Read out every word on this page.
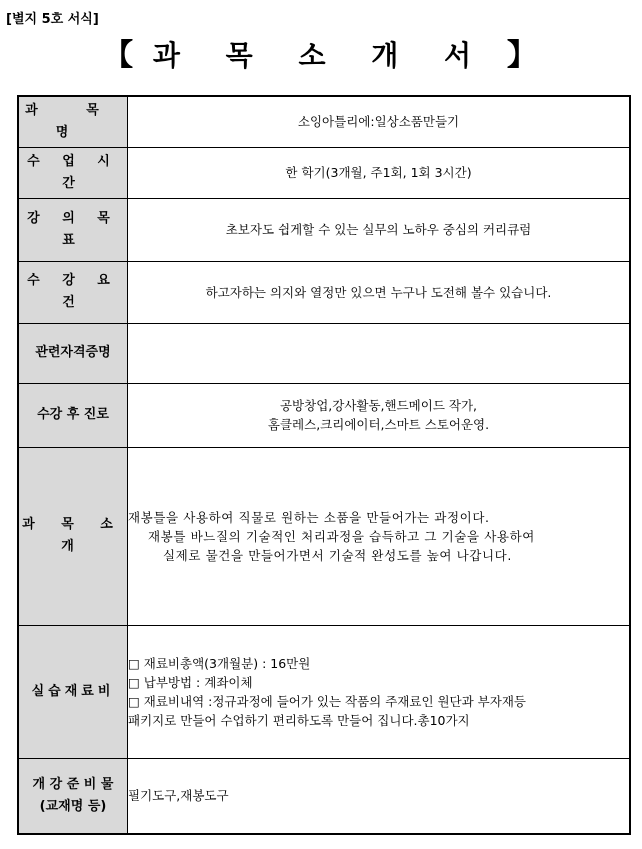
[별지 5호 서식]
【 과 목 소 개 서 】
과 목 명	소잉아틀리에:일상소품만들기
수 업 시 간	한 학기(3개월, 주1회, 1회 3시간)
강 의 목 표	초보자도 쉽게할 수 있는 실무의 노하우 중심의 커리큐럼
수 강 요 건	하고자하는 의지와 열정만 있으면 누구나 도전해 볼수 있습니다.
관련자격증명	
수강 후 진로	공방창업,강사활동,핸드메이드 작가,
홈클레스,크리에이터,스마트 스토어운영.

과 목 소 개	재봉틀을 사용하여 직물로 원하는 소품을 만들어가는 과정이다.
재봉틀 바느질의 기술적인 처리과정을 습득하고 그 기술을 사용하여
실제로 물건을 만들어가면서 기술적 완성도를 높여 나갑니다.

실습재료비	□ 재료비총액(3개월분) : 16만원
□ 납부방법 : 계좌이체
□ 재료비내역 :정규과정에 들어가 있는 작품의 주재료인 원단과 부자재등
패키지로 만들어 수업하기 편리하도록 만들어 집니다.총10가지

개 강 준 비 물
(교재명 등)	필기도구,재봉도구
